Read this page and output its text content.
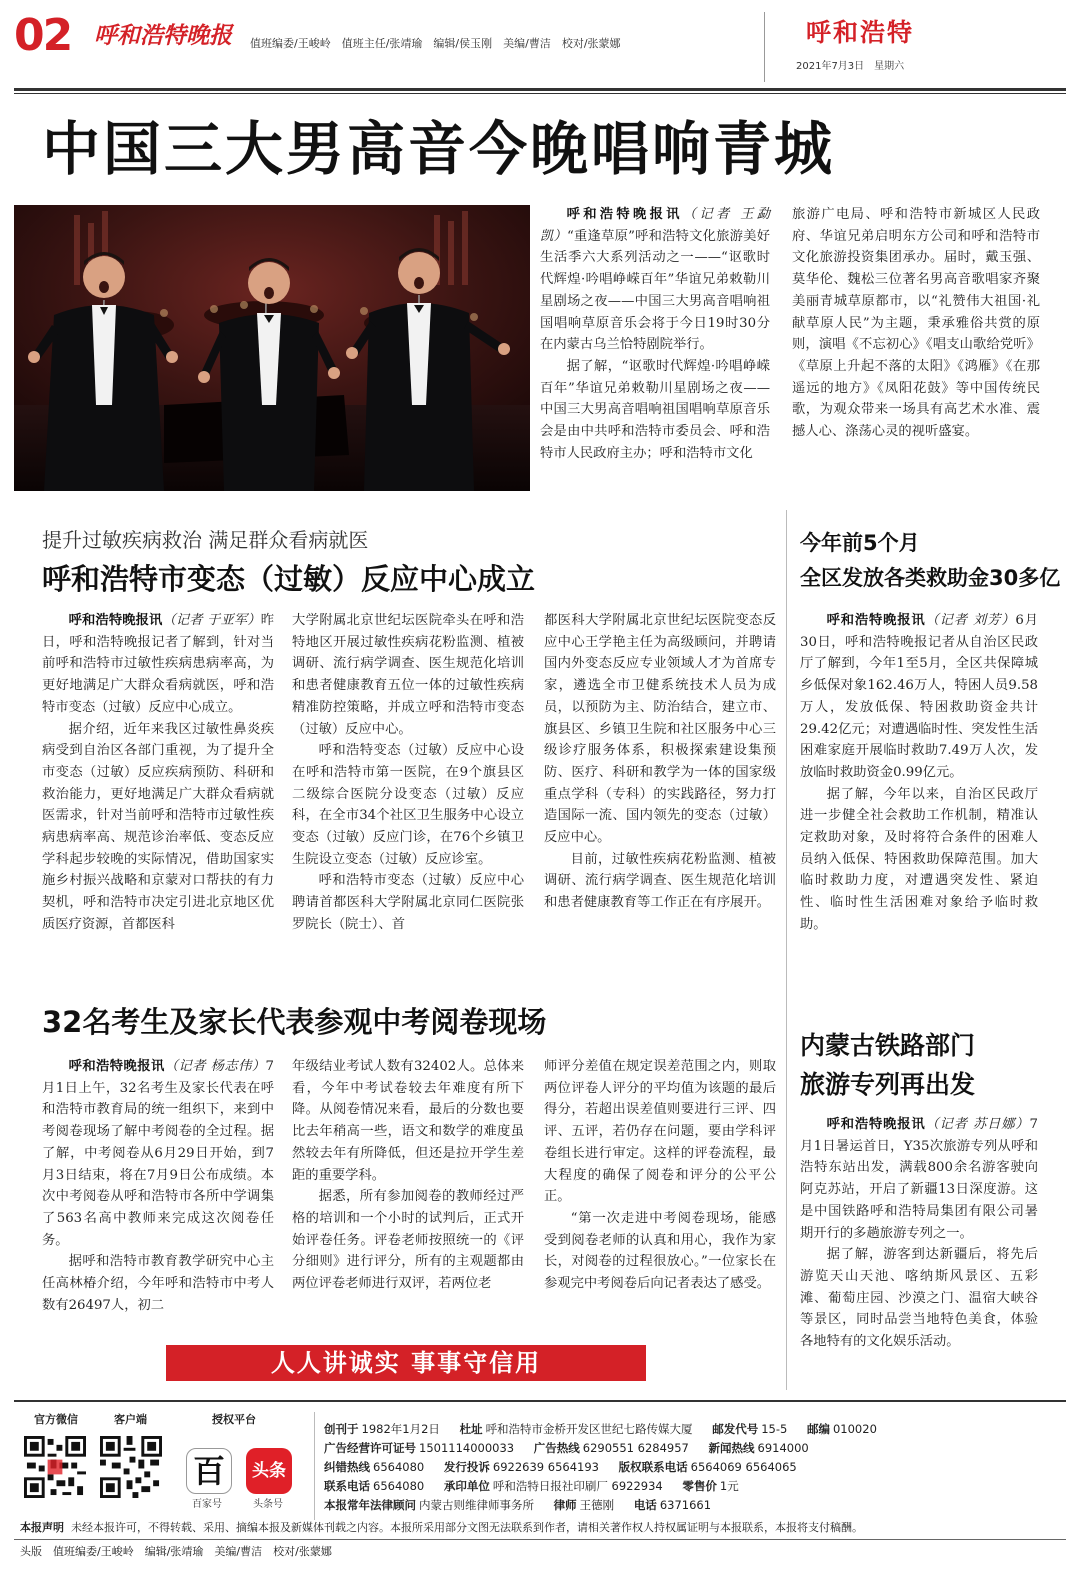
02 呼和浩特晚报 值班编委/王峻岭　值班主任/张靖瑜　编辑/侯玉刚　美编/曹洁　校对/张蒙娜	呼和浩特
2021年7月3日　星期六
中国三大男高音今晚唱响青城

呼和浩特晚报讯（记者 王勐凯）“重逢草原”呼和浩特文化旅游美好生活季六大系列活动之一——“讴歌时代辉煌·吟唱峥嵘百年”华谊兄弟敕勒川星剧场之夜——中国三大男高音唱响祖国唱响草原音乐会将于今日19时30分在内蒙古乌兰恰特剧院举行。

据了解，“讴歌时代辉煌·吟唱峥嵘百年”华谊兄弟敕勒川星剧场之夜——中国三大男高音唱响祖国唱响草原音乐会是由中共呼和浩特市委员会、呼和浩特市人民政府主办；呼和浩特市文化

旅游广电局、呼和浩特市新城区人民政府、华谊兄弟启明东方公司和呼和浩特市文化旅游投资集团承办。届时，戴玉强、莫华伦、魏松三位著名男高音歌唱家齐聚美丽青城草原都市，以“礼赞伟大祖国·礼献草原人民”为主题，秉承雅俗共赏的原则，演唱《不忘初心》《唱支山歌给党听》《草原上升起不落的太阳》《鸿雁》《在那遥远的地方》《凤阳花鼓》等中国传统民歌，为观众带来一场具有高艺术水准、震撼人心、涤荡心灵的视听盛宴。

提升过敏疾病救治 满足群众看病就医
呼和浩特市变态（过敏）反应中心成立

呼和浩特晚报讯（记者 于亚军）昨日，呼和浩特晚报记者了解到，针对当前呼和浩特市过敏性疾病患病率高，为更好地满足广大群众看病就医，呼和浩特市变态（过敏）反应中心成立。

据介绍，近年来我区过敏性鼻炎疾病受到自治区各部门重视，为了提升全市变态（过敏）反应疾病预防、科研和救治能力，更好地满足广大群众看病就医需求，针对当前呼和浩特市过敏性疾病患病率高、规范诊治率低、变态反应学科起步较晚的实际情况，借助国家实施乡村振兴战略和京蒙对口帮扶的有力契机，呼和浩特市决定引进北京地区优质医疗资源，首都医科

大学附属北京世纪坛医院牵头在呼和浩特地区开展过敏性疾病花粉监测、植被调研、流行病学调查、医生规范化培训和患者健康教育五位一体的过敏性疾病精准防控策略，并成立呼和浩特市变态（过敏）反应中心。

呼和浩特变态（过敏）反应中心设在呼和浩特市第一医院，在9个旗县区二级综合医院分设变态（过敏）反应科，在全市34个社区卫生服务中心设立变态（过敏）反应门诊，在76个乡镇卫生院设立变态（过敏）反应诊室。

呼和浩特市变态（过敏）反应中心聘请首都医科大学附属北京同仁医院张罗院长（院士）、首

都医科大学附属北京世纪坛医院变态反应中心王学艳主任为高级顾问，并聘请国内外变态反应专业领域人才为首席专家，遴选全市卫健系统技术人员为成员，以预防为主、防治结合，建立市、旗县区、乡镇卫生院和社区服务中心三级诊疗服务体系，积极探索建设集预防、医疗、科研和教学为一体的国家级重点学科（专科）的实践路径，努力打造国际一流、国内领先的变态（过敏）反应中心。

目前，过敏性疾病花粉监测、植被调研、流行病学调查、医生规范化培训和患者健康教育等工作正在有序展开。

今年前5个月
全区发放各类救助金30多亿

呼和浩特晚报讯（记者 刘芳）6月30日，呼和浩特晚报记者从自治区民政厅了解到，今年1至5月，全区共保障城乡低保对象162.46万人，特困人员9.58万人，发放低保、特困救助资金共计29.42亿元；对遭遇临时性、突发性生活困难家庭开展临时救助7.49万人次，发放临时救助资金0.99亿元。

据了解，今年以来，自治区民政厅进一步健全社会救助工作机制，精准认定救助对象，及时将符合条件的困难人员纳入低保、特困救助保障范围。加大临时救助力度，对遭遇突发性、紧迫性、临时性生活困难对象给予临时救助。

内蒙古铁路部门
旅游专列再出发

呼和浩特晚报讯（记者 苏日娜）7月1日暑运首日，Y35次旅游专列从呼和浩特东站出发，满载800余名游客驶向阿克苏站，开启了新疆13日深度游。这是中国铁路呼和浩特局集团有限公司暑期开行的多趟旅游专列之一。

据了解，游客到达新疆后，将先后游览天山天池、喀纳斯风景区、五彩滩、葡萄庄园、沙漠之门、温宿大峡谷等景区，同时品尝当地特色美食，体验各地特有的文化娱乐活动。

32名考生及家长代表参观中考阅卷现场

呼和浩特晚报讯（记者 杨志伟）7月1日上午，32名考生及家长代表在呼和浩特市教育局的统一组织下，来到中考阅卷现场了解中考阅卷的全过程。据了解，中考阅卷从6月29日开始，到7月3日结束，将在7月9日公布成绩。本次中考阅卷从呼和浩特市各所中学调集了563名高中教师来完成这次阅卷任务。

据呼和浩特市教育教学研究中心主任高林椿介绍，今年呼和浩特市中考人数有26497人，初二

年级结业考试人数有32402人。总体来看，今年中考试卷较去年难度有所下降。从阅卷情况来看，最后的分数也要比去年稍高一些，语文和数学的难度虽然较去年有所降低，但还是拉开学生差距的重要学科。

据悉，所有参加阅卷的教师经过严格的培训和一个小时的试判后，正式开始评卷任务。评卷老师按照统一的《评分细则》进行评分，所有的主观题都由两位评卷老师进行双评，若两位老

师评分差值在规定误差范围之内，则取两位评卷人评分的平均值为该题的最后得分，若超出误差值则要进行三评、四评、五评，若仍存在问题，要由学科评卷组长进行审定。这样的评卷流程，最大程度的确保了阅卷和评分的公平公正。

“第一次走进中考阅卷现场，能感受到阅卷老师的认真和用心，我作为家长，对阅卷的过程很放心。”一位家长在参观完中考阅卷后向记者表达了感受。

人人讲诚实 事事守信用
官方微信	客户端	授权平台
百	头条
百家号	头条号
创刊于 1982年1月2日 杜址 呼和浩特市金桥开发区世纪七路传媒大厦 邮发代号 15-5 邮编 010020
广告经营许可证号 1501114000033 广告热线 6290551 6284957 新闻热线 6914000
纠错热线 6564080 发行投诉 6922639 6564193 版权联系电话 6564069 6564065
联系电话 6564080 承印单位 呼和浩特日报社印刷厂 6922934 零售价 1元
本报常年法律顾问 内蒙古则维律师事务所 律师 王德刚 电话 6371661
本报声明 未经本报许可，不得转载、采用、摘编本报及新媒体刊载之内容。本报所采用部分文图无法联系到作者，请相关著作权人持权属证明与本报联系，本报将支付稿酬。
头版　值班编委/王峻岭　编辑/张靖瑜　美编/曹洁　校对/张蒙娜
